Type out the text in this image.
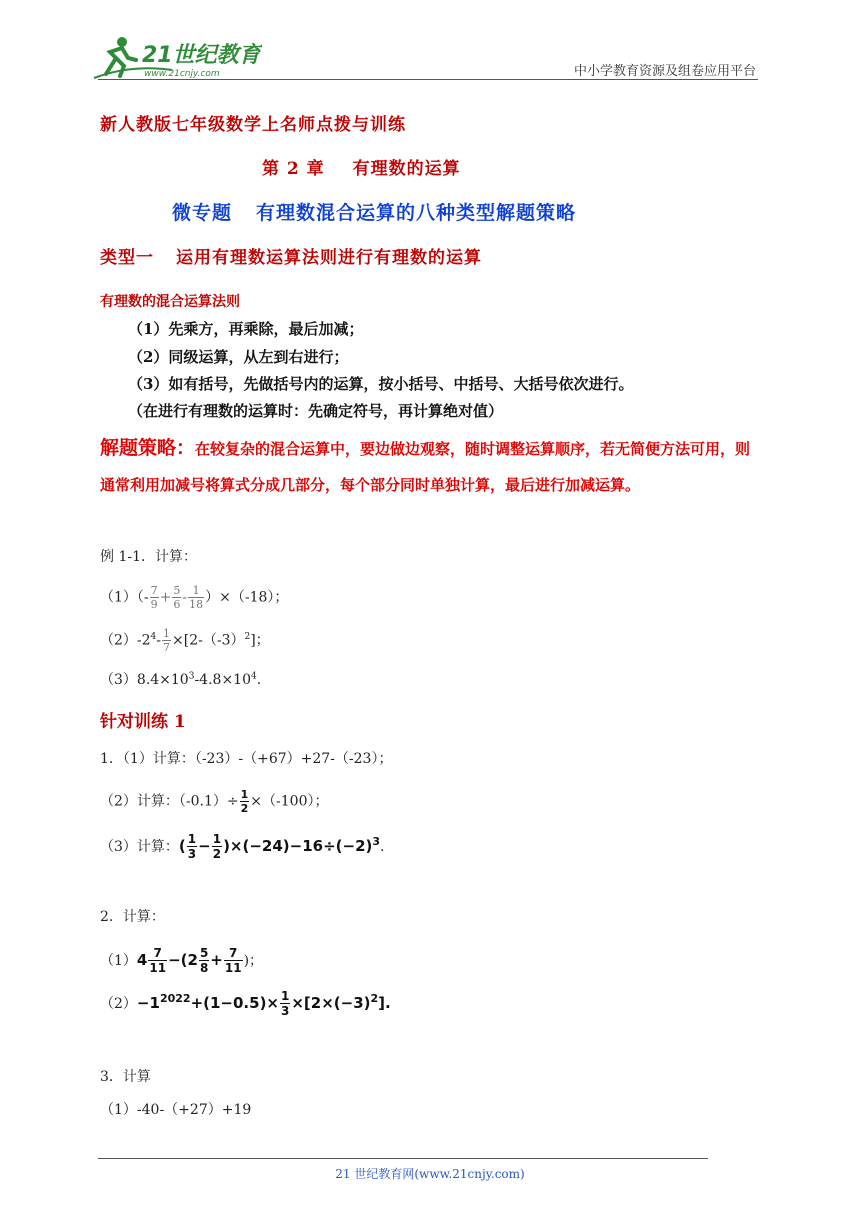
21世纪教育
www.21cnjy.com	中小学教育资源及组卷应用平台
新人教版七年级数学上名师点拨与训练
第 2 章 有理数的运算
微专题 有理数混合运算的八种类型解题策略
类型一 运用有理数运算法则进行有理数的运算
有理数的混合运算法则
（1）先乘方，再乘除，最后加减；
（2）同级运算，从左到右进行；
（3）如有括号，先做括号内的运算，按小括号、中括号、大括号依次进行。
（在进行有理数的运算时：先确定符号，再计算绝对值）
解题策略：在较复杂的混合运算中，要边做边观察，随时调整运算顺序，若无简便方法可用，则通常利用加减号将算式分成几部分，每个部分同时单独计算，最后进行加减运算。
例 1-1．计算：
$(1)(- \frac{7}{9} + \frac{5}{6} - \frac{1}{18} )\times(-18)$；
$(2)-2^4- \frac{1}{7} \times[2-(-3)^2]$；
$(3)8.4\times 10^3-4.8\times 10^4$.
针对训练 1
1．（1）计算：（-23）-（+67）+27-（-23）；
（2）计算：$(-0.1)\div \frac{1}{2} \times(-100)$；
（3）计算：( $\frac{1}{3} - \frac{1}{2} )\times(-24)-16\div(-2)^3$.
2．计算：
$(1)4 \frac{7}{11} -(2 \frac{5}{8} + \frac{7}{11}$ )；
$(2)-1^{2022}+(1-0.5)\times \frac{1}{3} \times[2\times(-3)^2]$.
3．计算
（1）-40-（+27）+19
21 世纪教育网(www.21cnjy.com)
